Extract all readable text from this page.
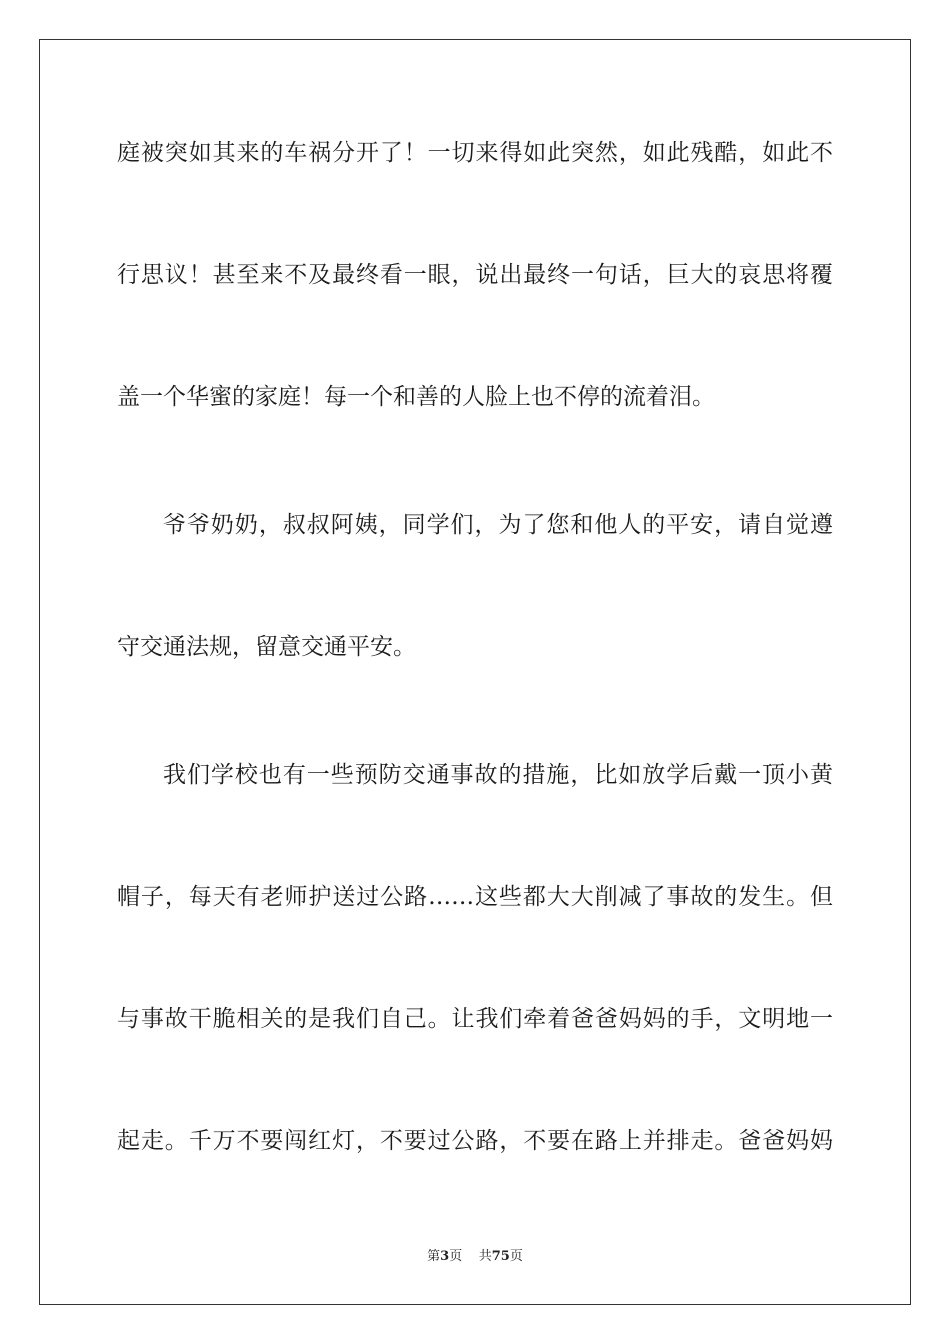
庭被突如其来的车祸分开了！一切来得如此突然，如此残酷，如此不
行思议！甚至来不及最终看一眼，说出最终一句话，巨大的哀思将覆
盖一个华蜜的家庭！每一个和善的人脸上也不停的流着泪。
爷爷奶奶，叔叔阿姨，同学们，为了您和他人的平安，请自觉遵
守交通法规，留意交通平安。
我们学校也有一些预防交通事故的措施，比如放学后戴一顶小黄
帽子，每天有老师护送过公路……这些都大大削减了事故的发生。但
与事故干脆相关的是我们自己。让我们牵着爸爸妈妈的手，文明地一
起走。千万不要闯红灯，不要过公路，不要在路上并排走。爸爸妈妈
第3页 共75页
